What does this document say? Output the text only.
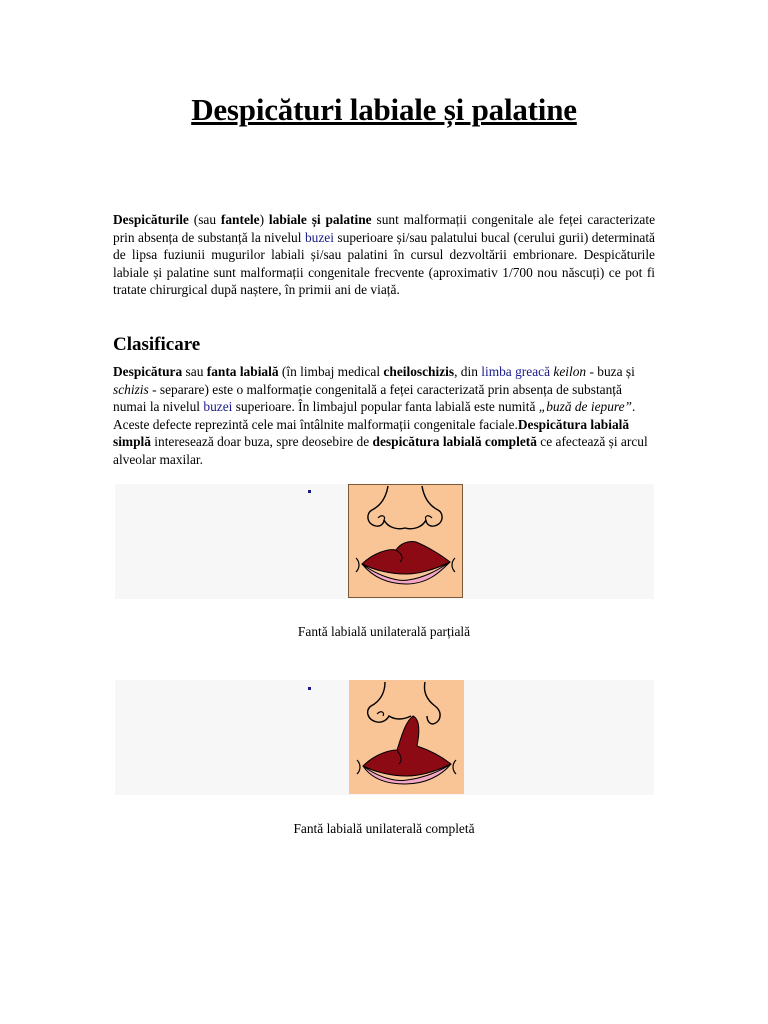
Despicături labiale și palatine

Despicăturile (sau fantele) labiale și palatine sunt malformații congenitale ale feței caracterizate prin absența de substanță la nivelul buzei superioare și/sau palatului bucal (cerului gurii) determinată de lipsa fuziunii mugurilor labiali și/sau palatini în cursul dezvoltării embrionare. Despicăturile labiale și palatine sunt malformații congenitale frecvente (aproximativ 1/700 nou născuți) ce pot fi tratate chirurgical după naștere, în primii ani de viață.

Clasificare

Despicătura sau fanta labială (în limbaj medical cheiloschizis, din limba greacă keilon - buza și schizis - separare) este o malformație congenitală a feței caracterizată prin absența de substanță numai la nivelul buzei superioare. În limbajul popular fanta labială este numită „buză de iepure”. Aceste defecte reprezintă cele mai întâlnite malformații congenitale faciale.Despicătura labială simplă interesează doar buza, spre deosebire de despicătura labială completă ce afectează și arcul alveolar maxilar.

Fantă labială unilaterală parțială

Fantă labială unilaterală completă
